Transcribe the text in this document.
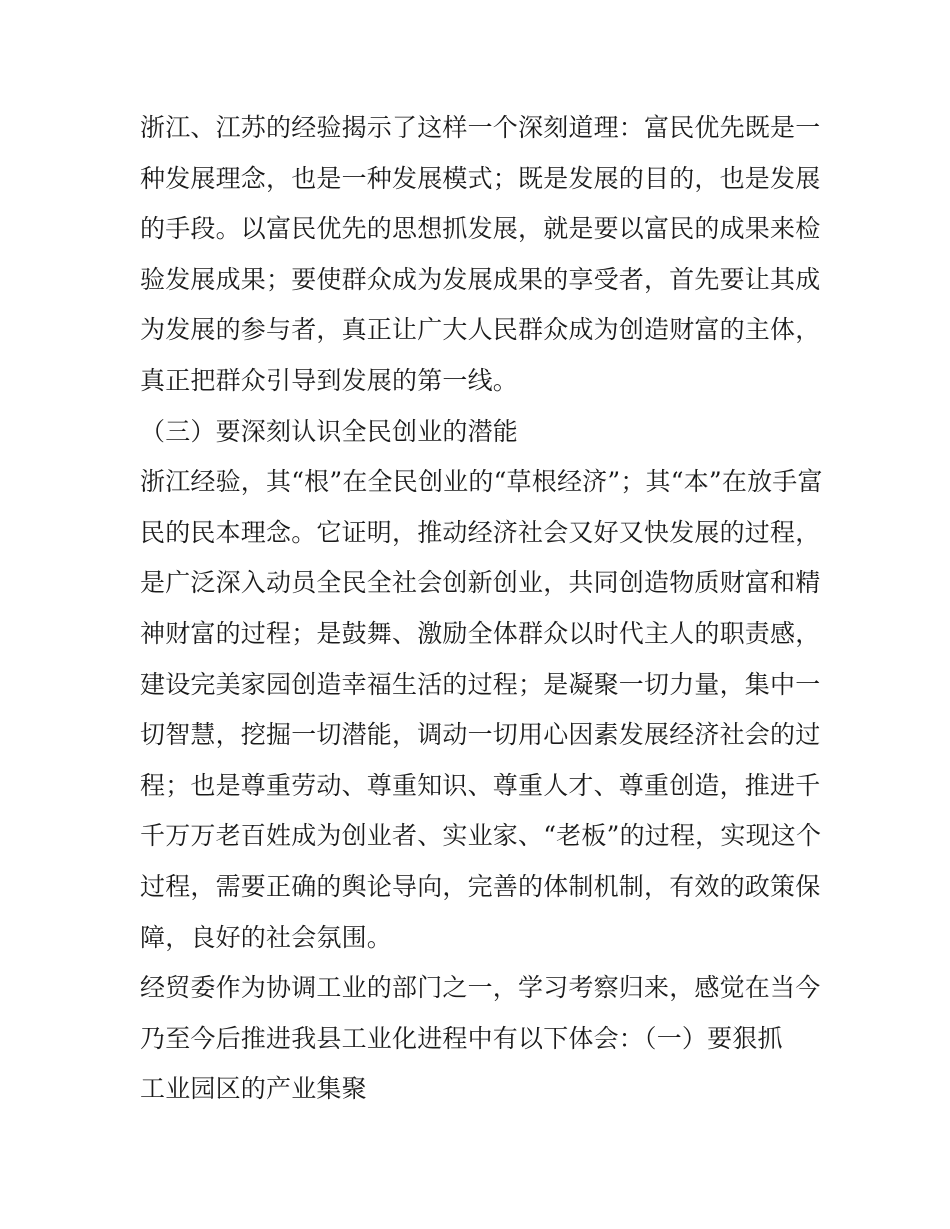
浙江、江苏的经验揭示了这样一个深刻道理：富民优先既是一
种发展理念，也是一种发展模式；既是发展的目的，也是发展
的手段。以富民优先的思想抓发展，就是要以富民的成果来检
验发展成果；要使群众成为发展成果的享受者，首先要让其成
为发展的参与者，真正让广大人民群众成为创造财富的主体，
真正把群众引导到发展的第一线。
（三）要深刻认识全民创业的潜能
浙江经验，其“根”在全民创业的“草根经济”；其“本”在放手富
民的民本理念。它证明，推动经济社会又好又快发展的过程，
是广泛深入动员全民全社会创新创业，共同创造物质财富和精
神财富的过程；是鼓舞、激励全体群众以时代主人的职责感，
建设完美家园创造幸福生活的过程；是凝聚一切力量，集中一
切智慧，挖掘一切潜能，调动一切用心因素发展经济社会的过
程；也是尊重劳动、尊重知识、尊重人才、尊重创造，推进千
千万万老百姓成为创业者、实业家、“老板”的过程，实现这个
过程，需要正确的舆论导向，完善的体制机制，有效的政策保
障，良好的社会氛围。
经贸委作为协调工业的部门之一，学习考察归来，感觉在当今
乃至今后推进我县工业化进程中有以下体会：（一）要狠抓
工业园区的产业集聚
